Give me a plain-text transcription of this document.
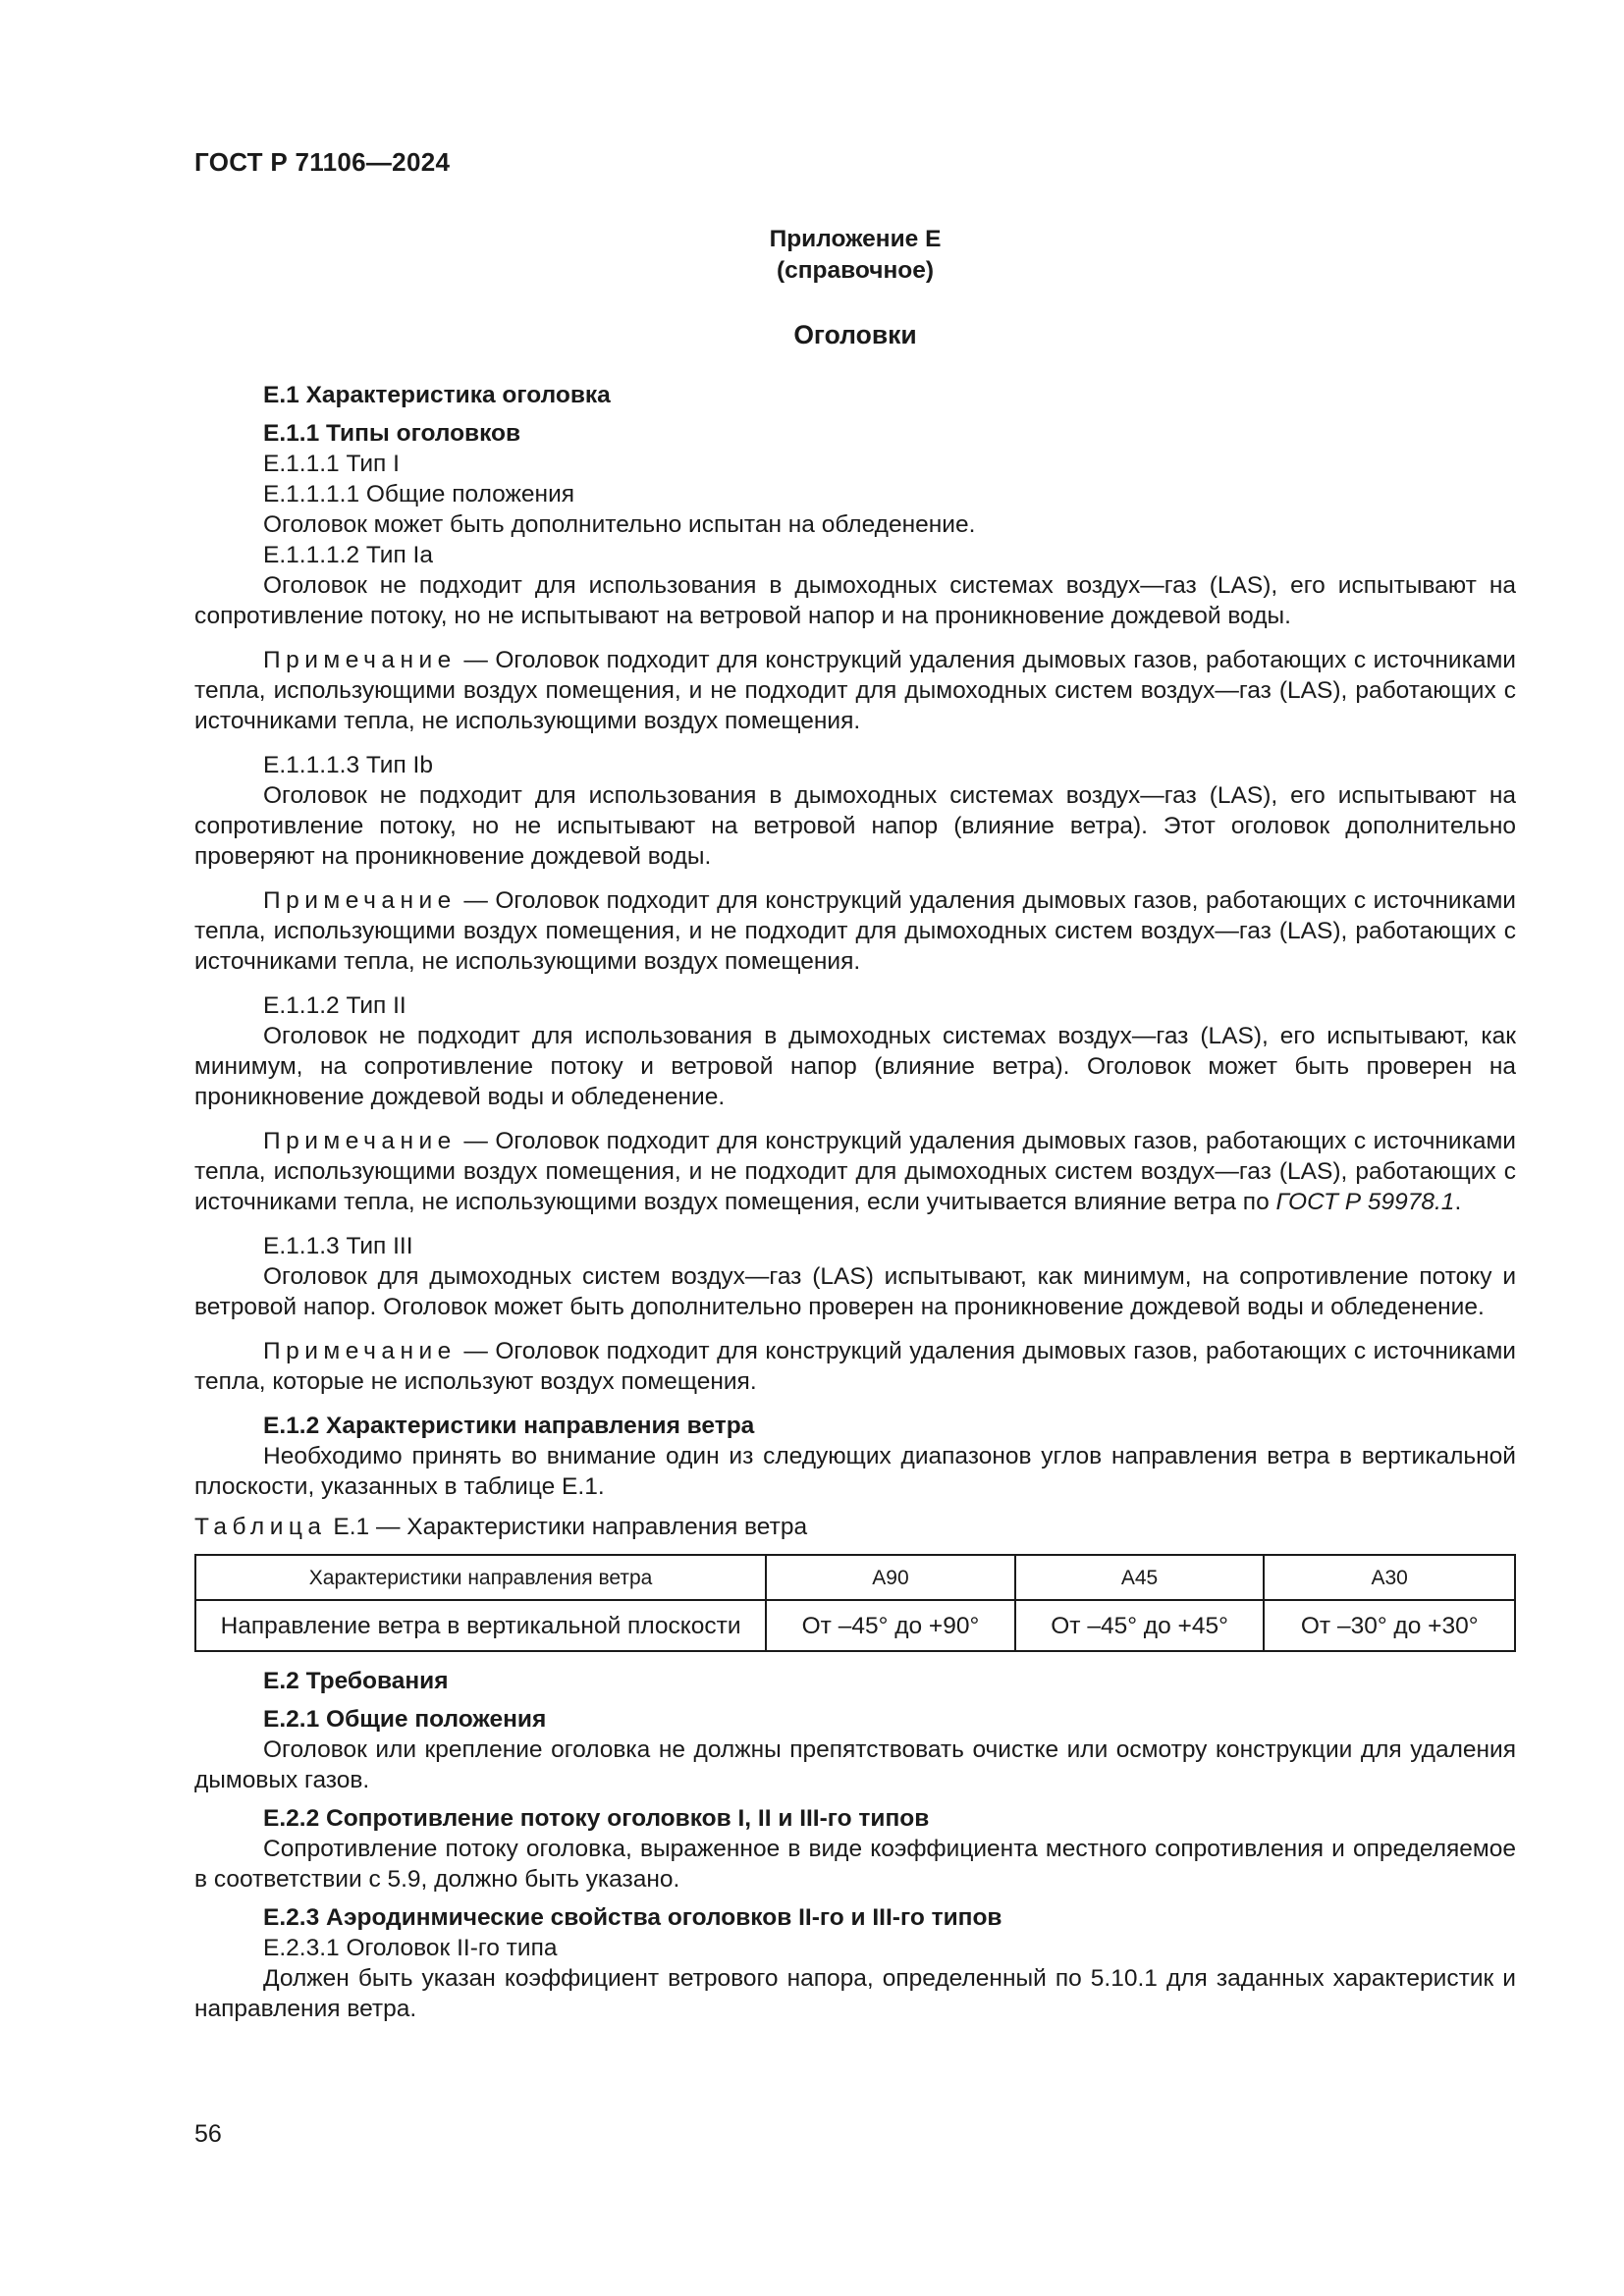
ГОСТ Р 71106—2024
Приложение Е
(справочное)
Оголовки
Е.1 Характеристика оголовка
Е.1.1 Типы оголовков
Е.1.1.1 Тип I
Е.1.1.1.1 Общие положения
Оголовок может быть дополнительно испытан на обледенение.
Е.1.1.1.2 Тип Ia
Оголовок не подходит для использования в дымоходных системах воздух—газ (LAS), его испытывают на сопротивление потоку, но не испытывают на ветровой напор и на проникновение дождевой воды.
Примечание — Оголовок подходит для конструкций удаления дымовых газов, работающих с источниками тепла, использующими воздух помещения, и не подходит для дымоходных систем воздух—газ (LAS), работающих с источниками тепла, не использующими воздух помещения.
Е.1.1.1.3 Тип Ib
Оголовок не подходит для использования в дымоходных системах воздух—газ (LAS), его испытывают на сопротивление потоку, но не испытывают на ветровой напор (влияние ветра). Этот оголовок дополнительно проверяют на проникновение дождевой воды.
Примечание — Оголовок подходит для конструкций удаления дымовых газов, работающих с источниками тепла, использующими воздух помещения, и не подходит для дымоходных систем воздух—газ (LAS), работающих с источниками тепла, не использующими воздух помещения.
Е.1.1.2 Тип II
Оголовок не подходит для использования в дымоходных системах воздух—газ (LAS), его испытывают, как минимум, на сопротивление потоку и ветровой напор (влияние ветра). Оголовок может быть проверен на проникновение дождевой воды и обледенение.
Примечание — Оголовок подходит для конструкций удаления дымовых газов, работающих с источниками тепла, использующими воздух помещения, и не подходит для дымоходных систем воздух—газ (LAS), работающих с источниками тепла, не использующими воздух помещения, если учитывается влияние ветра по ГОСТ Р 59978.1.
Е.1.1.3 Тип III
Оголовок для дымоходных систем воздух—газ (LAS) испытывают, как минимум, на сопротивление потоку и ветровой напор. Оголовок может быть дополнительно проверен на проникновение дождевой воды и обледенение.
Примечание — Оголовок подходит для конструкций удаления дымовых газов, работающих с источниками тепла, которые не используют воздух помещения.
Е.1.2 Характеристики направления ветра
Необходимо принять во внимание один из следующих диапазонов углов направления ветра в вертикальной плоскости, указанных в таблице Е.1.
Таблица Е.1 — Характеристики направления ветра
Характеристики направления ветра	A90	A45	A30
Направление ветра в вертикальной плоскости	От –45° до +90°	От –45° до +45°	От –30° до +30°
Е.2 Требования
Е.2.1 Общие положения
Оголовок или крепление оголовка не должны препятствовать очистке или осмотру конструкции для удаления дымовых газов.
Е.2.2 Сопротивление потоку оголовков I, II и III-го типов
Сопротивление потоку оголовка, выраженное в виде коэффициента местного сопротивления и определяемое в соответствии с 5.9, должно быть указано.
Е.2.3 Аэродинмические свойства оголовков II-го и III-го типов
Е.2.3.1 Оголовок II-го типа
Должен быть указан коэффициент ветрового напора, определенный по 5.10.1 для заданных характеристик и направления ветра.
56
